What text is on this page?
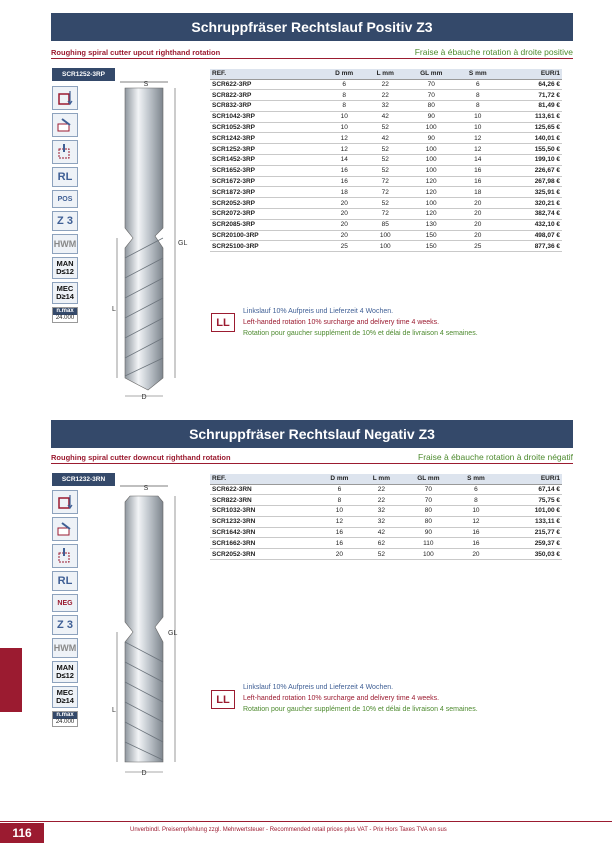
Schruppfräser Rechtslauf Positiv Z3
Roughing spiral cutter upcut righthand rotation	Fraise à ébauche rotation à droite positive
SCR1252-3RP
RL
POS
Z 3
HWM
MAN
D≤12
MEC
D≥14
n.max
24.000
S
GL
L
D
REF.	D mm	L mm	GL mm	S mm	EUR/1
SCR622-3RP	6	22	70	6	64,26 €
SCR822-3RP	8	22	70	8	71,72 €
SCR832-3RP	8	32	80	8	81,49 €
SCR1042-3RP	10	42	90	10	113,61 €
SCR1052-3RP	10	52	100	10	125,65 €
SCR1242-3RP	12	42	90	12	140,01 €
SCR1252-3RP	12	52	100	12	155,50 €
SCR1452-3RP	14	52	100	14	199,10 €
SCR1652-3RP	16	52	100	16	226,67 €
SCR1672-3RP	16	72	120	16	267,98 €
SCR1872-3RP	18	72	120	18	325,91 €
SCR2052-3RP	20	52	100	20	320,21 €
SCR2072-3RP	20	72	120	20	382,74 €
SCR2085-3RP	20	85	130	20	432,10 €
SCR20100-3RP	20	100	150	20	498,07 €
SCR25100-3RP	25	100	150	25	877,36 €
LL
Linkslauf 10% Aufpreis und Lieferzeit 4 Wochen.
Left-handed rotation 10% surcharge and delivery time 4 weeks.
Rotation pour gaucher supplément de 10% et délai de livraison 4 semaines.
Schruppfräser Rechtslauf Negativ Z3
Roughing spiral cutter downcut righthand rotation	Fraise à ébauche rotation à droite négatif
SCR1232-3RN
RL
NEG
Z 3
HWM
MAN
D≤12
MEC
D≥14
n.max
24.000
S
GL
L
D
REF.	D mm	L mm	GL mm	S mm	EUR/1
SCR622-3RN	6	22	70	6	67,14 €
SCR822-3RN	8	22	70	8	75,75 €
SCR1032-3RN	10	32	80	10	101,00 €
SCR1232-3RN	12	32	80	12	133,11 €
SCR1642-3RN	16	42	90	16	215,77 €
SCR1662-3RN	16	62	110	16	259,37 €
SCR2052-3RN	20	52	100	20	350,03 €
LL
Linkslauf 10% Aufpreis und Lieferzeit 4 Wochen.
Left-handed rotation 10% surcharge and delivery time 4 weeks.
Rotation pour gaucher supplément de 10% et délai de livraison 4 semaines.
116	Unverbindl. Preisempfehlung zzgl. Mehrwertsteuer - Recommended retail prices plus VAT - Prix Hors Taxes TVA en sus
